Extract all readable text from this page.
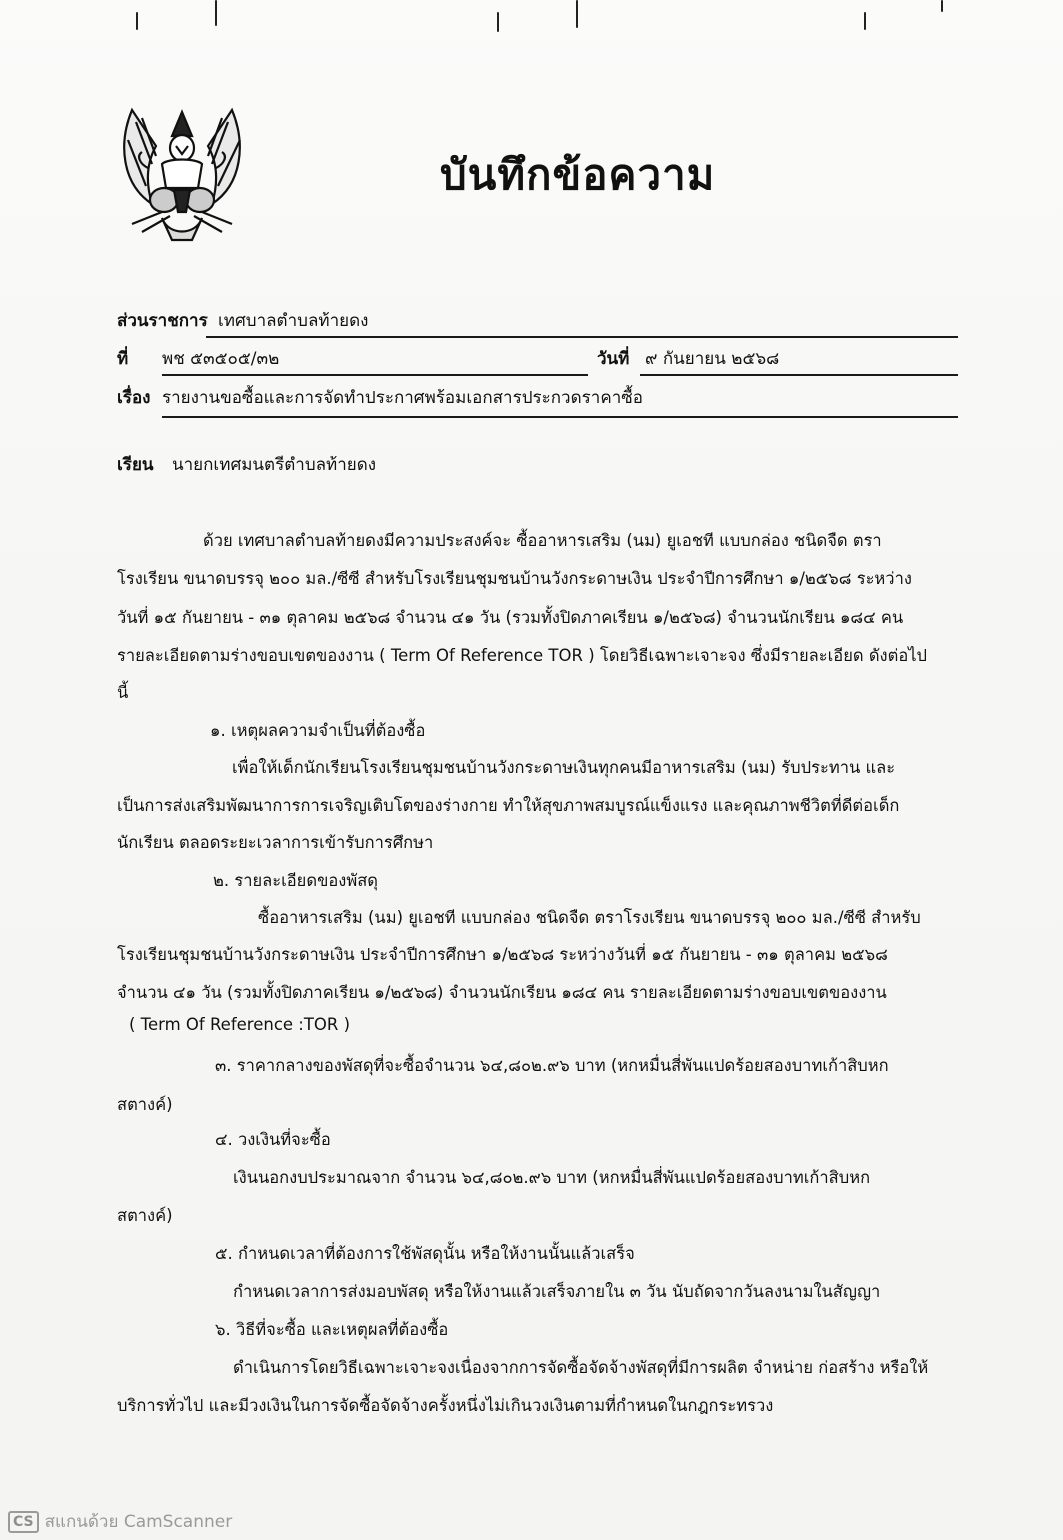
บันทึกข้อความ
ส่วนราชการ เทศบาลตำบลท้ายดง
ที่ พช ๕๓๕๐๕/๓๒	วันที่ ๙ กันยายน ๒๕๖๘
เรื่อง รายงานขอซื้อและการจัดทำประกาศพร้อมเอกสารประกวดราคาซื้อ
เรียน นายกเทศมนตรีตำบลท้ายดง
ด้วย เทศบาลตำบลท้ายดงมีความประสงค์จะ ซื้ออาหารเสริม (นม) ยูเอชที แบบกล่อง ชนิดจืด ตรา
โรงเรียน ขนาดบรรจุ ๒๐๐ มล./ซีซี สำหรับโรงเรียนชุมชนบ้านวังกระดาษเงิน ประจำปีการศึกษา ๑/๒๕๖๘ ระหว่าง
วันที่ ๑๕ กันยายน - ๓๑ ตุลาคม ๒๕๖๘ จำนวน ๔๑ วัน (รวมทั้งปิดภาคเรียน ๑/๒๕๖๘) จำนวนนักเรียน ๑๘๔ คน
รายละเอียดตามร่างขอบเขตของงาน ( Term Of Reference TOR ) โดยวิธีเฉพาะเจาะจง ซึ่งมีรายละเอียด ดังต่อไป
นี้
๑. เหตุผลความจำเป็นที่ต้องซื้อ
เพื่อให้เด็กนักเรียนโรงเรียนชุมชนบ้านวังกระดาษเงินทุกคนมีอาหารเสริม (นม) รับประทาน และ
เป็นการส่งเสริมพัฒนาการการเจริญเติบโตของร่างกาย ทำให้สุขภาพสมบูรณ์แข็งแรง และคุณภาพชีวิตที่ดีต่อเด็ก
นักเรียน ตลอดระยะเวลาการเข้ารับการศึกษา
๒. รายละเอียดของพัสดุ
ซื้ออาหารเสริม (นม) ยูเอชที แบบกล่อง ชนิดจืด ตราโรงเรียน ขนาดบรรจุ ๒๐๐ มล./ซีซี สำหรับ
โรงเรียนชุมชนบ้านวังกระดาษเงิน ประจำปีการศึกษา ๑/๒๕๖๘ ระหว่างวันที่ ๑๕ กันยายน - ๓๑ ตุลาคม ๒๕๖๘
จำนวน ๔๑ วัน (รวมทั้งปิดภาคเรียน ๑/๒๕๖๘) จำนวนนักเรียน ๑๘๔ คน รายละเอียดตามร่างขอบเขตของงาน
( Term Of Reference :TOR )
๓. ราคากลางของพัสดุที่จะซื้อจำนวน ๖๔,๘๐๒.๙๖ บาท (หกหมื่นสี่พันแปดร้อยสองบาทเก้าสิบหก
สตางค์)
๔. วงเงินที่จะซื้อ
เงินนอกงบประมาณจาก จำนวน ๖๔,๘๐๒.๙๖ บาท (หกหมื่นสี่พันแปดร้อยสองบาทเก้าสิบหก
สตางค์)
๕. กำหนดเวลาที่ต้องการใช้พัสดุนั้น หรือให้งานนั้นแล้วเสร็จ
กำหนดเวลาการส่งมอบพัสดุ หรือให้งานแล้วเสร็จภายใน ๓ วัน นับถัดจากวันลงนามในสัญญา
๖. วิธีที่จะซื้อ และเหตุผลที่ต้องซื้อ
ดำเนินการโดยวิธีเฉพาะเจาะจงเนื่องจากการจัดซื้อจัดจ้างพัสดุที่มีการผลิต จำหน่าย ก่อสร้าง หรือให้
บริการทั่วไป และมีวงเงินในการจัดซื้อจัดจ้างครั้งหนึ่งไม่เกินวงเงินตามที่กำหนดในกฎกระทรวง
CS สแกนด้วย CamScanner
